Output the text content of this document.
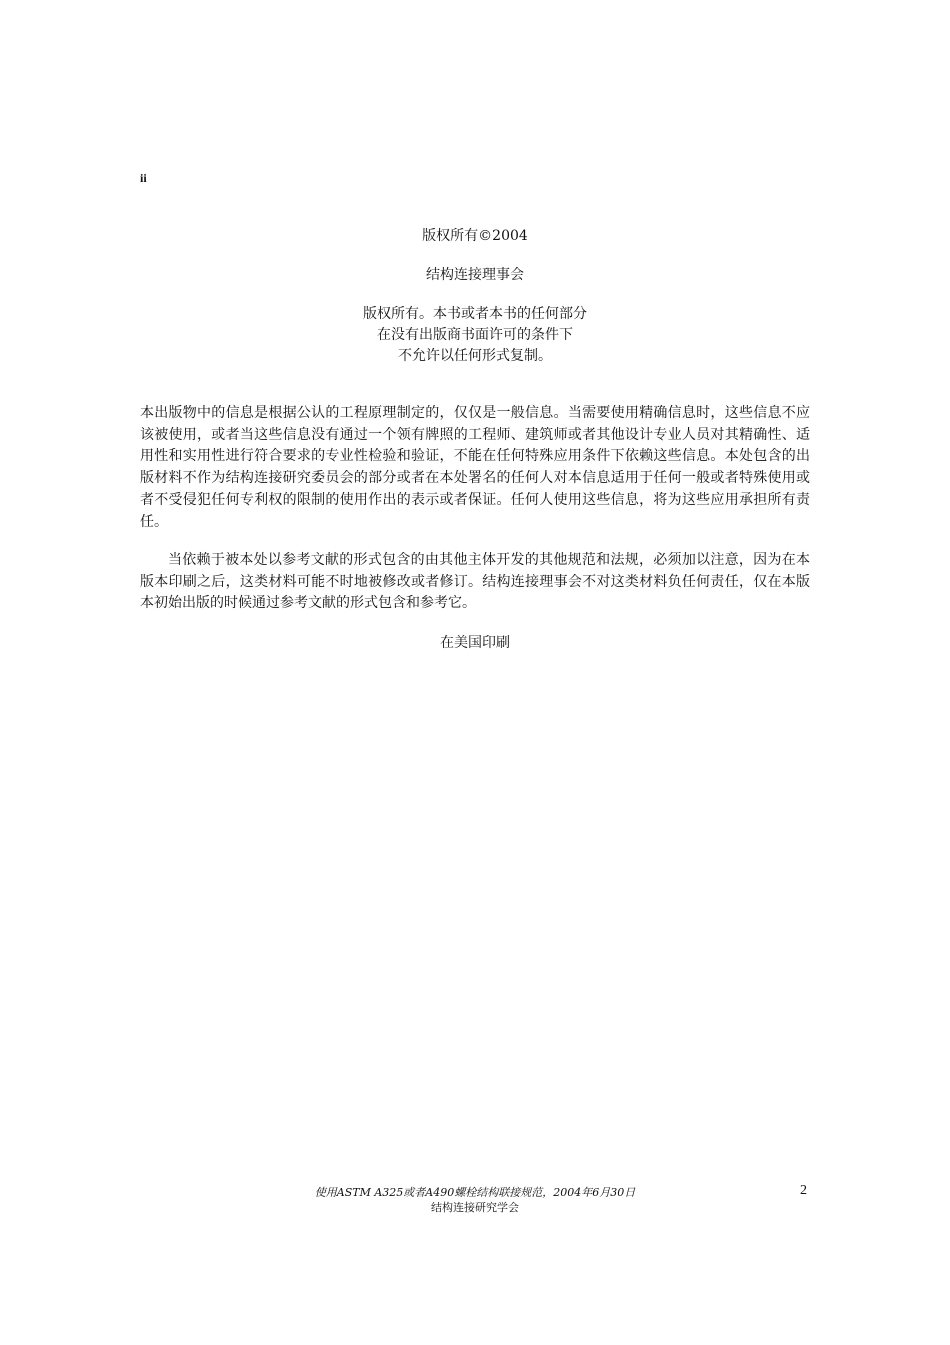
ii
版权所有©2004
结构连接理事会
版权所有。本书或者本书的任何部分
在没有出版商书面许可的条件下
不允许以任何形式复制。

本出版物中的信息是根据公认的工程原理制定的，仅仅是一般信息。当需要使用精确信息时，这些信息不应该被使用，或者当这些信息没有通过一个领有牌照的工程师、建筑师或者其他设计专业人员对其精确性、适用性和实用性进行符合要求的专业性检验和验证，不能在任何特殊应用条件下依赖这些信息。本处包含的出版材料不作为结构连接研究委员会的部分或者在本处署名的任何人对本信息适用于任何一般或者特殊使用或者不受侵犯任何专利权的限制的使用作出的表示或者保证。任何人使用这些信息，将为这些应用承担所有责任。

当依赖于被本处以参考文献的形式包含的由其他主体开发的其他规范和法规，必须加以注意，因为在本版本印刷之后，这类材料可能不时地被修改或者修订。结构连接理事会不对这类材料负任何责任，仅在本版本初始出版的时候通过参考文献的形式包含和参考它。

在美国印刷
使用ASTM A325或者A490螺栓结构联接规范，2004年6月30日
结构连接研究学会
2
